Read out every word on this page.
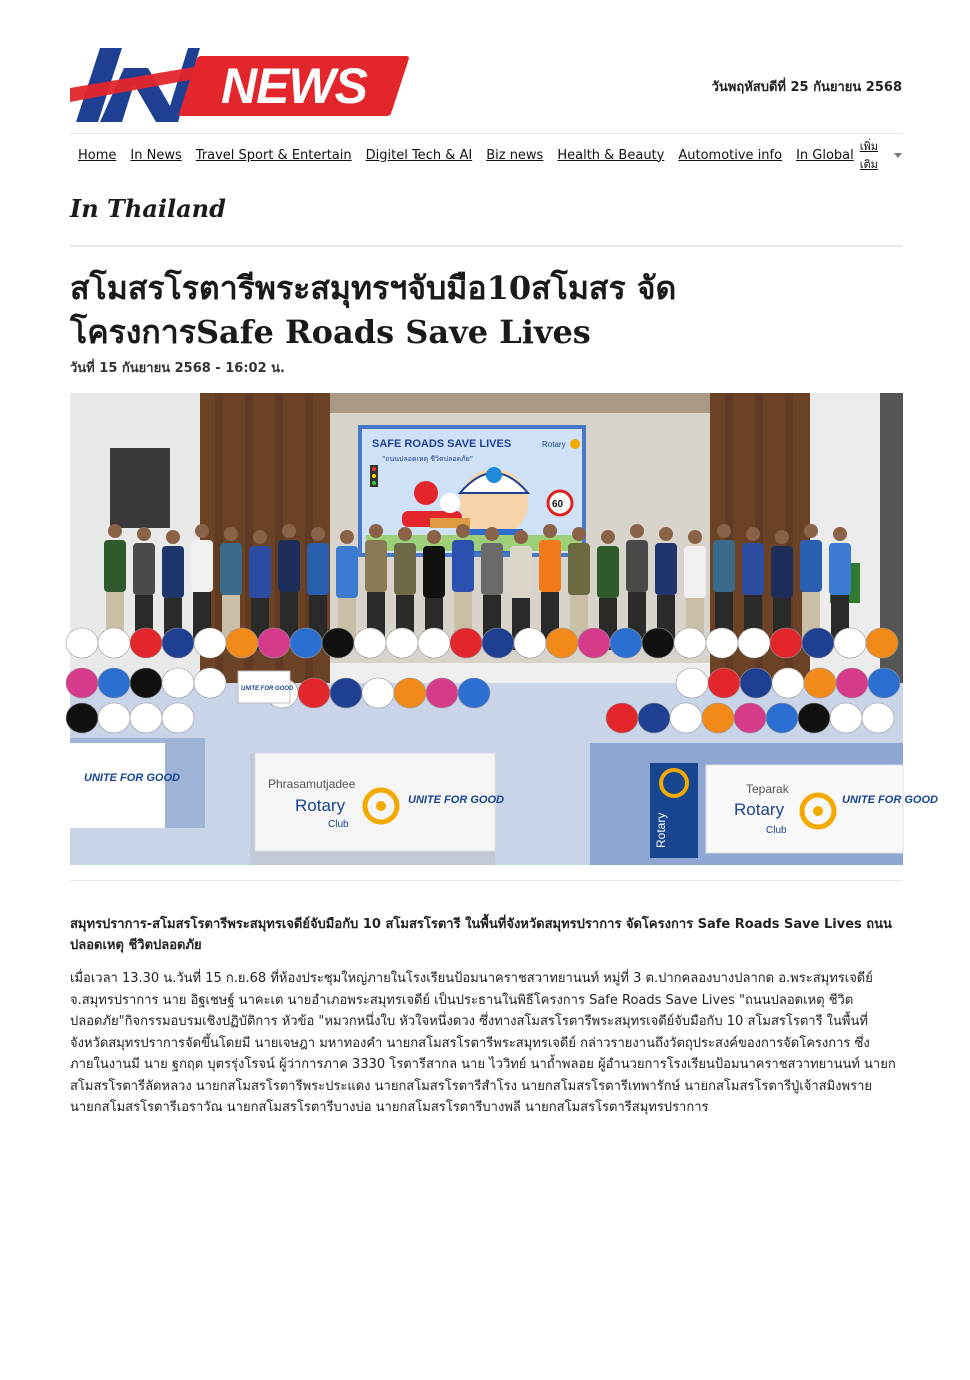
iN
NEWS	วันพฤหัสบดีที่ 25 กันยายน 2568
Home In News Travel Sport & Entertain Digitel Tech & AI Biz news Health & Beauty Automotive info In Global
เพิ่มเติม
In Thailand
สโมสรโรตารีพระสมุทรฯจับมือ10สโมสร จัด
โครงการSafe Roads Save Lives
วันที่ 15 กันยายน 2568 - 16:02 น.
SAFE ROADS SAVE LIVES
"ถนนปลอดเหตุ ชีวิตปลอดภัย"
Rotary
60
UNITE FOR GOOD	Phrasamutjadee
Rotary
Club
UNITE FOR GOOD
Rotary
Teparak
Rotary
Club
UNITE FOR GOOD
UNITE FOR GOOD

สมุทรปราการ-สโมสรโรตารีพระสมุทรเจดีย์จับมือกับ 10 สโมสรโรตารี ในพื้นที่จังหวัดสมุทรปราการ จัดโครงการ Safe Roads Save Lives ถนนปลอดเหตุ ชีวิตปลอดภัย

เมื่อเวลา 13.30 น.วันที่ 15 ก.ย.68 ที่ห้องประชุมใหญ่ภายในโรงเรียนป้อมนาคราชสวาทยานนท์ หมู่ที่ 3 ต.ปากคลองบางปลากด อ.พระสมุทรเจดีย์ จ.สมุทรปราการ นาย อิฐเชษฐ์ นาคะเต นายอำเภอพระสมุทรเจดีย์ เป็นประธานในพิธีโครงการ Safe Roads Save Lives "ถนนปลอดเหตุ ชีวิตปลอดภัย"กิจกรรมอบรมเชิงปฏิบัติการ หัวข้อ "หมวกหนึ่งใบ หัวใจหนึ่งดวง ซึ่งทางสโมสรโรตารีพระสมุทรเจดีย์จับมือกับ 10 สโมสรโรตารี ในพื้นที่จังหวัดสมุทรปราการจัดขึ้นโดยมี นายเจษฎา มหาทองคำ นายกสโมสรโรตารีพระสมุทรเจดีย์ กล่าวรายงานถึงวัตถุประสงค์ของการจัดโครงการ ซึ่งภายในงานมี นาย ฐกฤต บุตรรุ่งโรจน์ ผู้ว่าการภาค 3330 โรตารีสากล นาย ไววิทย์ นาถ้ำพลอย ผู้อำนวยการโรงเรียนป้อมนาคราชสวาทยานนท์ นายกสโมสรโรตารีลัดหลวง นายกสโมสรโรตารีพระประแดง นายกสโมสรโรตารีสำโรง นายกสโมสรโรตารีเทพารักษ์ นายกสโมสรโรตารีปู่เจ้าสมิงพราย นายกสโมสรโรตารีเอราวัณ นายกสโมสรโรตารีบางบ่อ นายกสโมสรโรตารีบางพลี นายกสโมสรโรตารีสมุทรปราการ
